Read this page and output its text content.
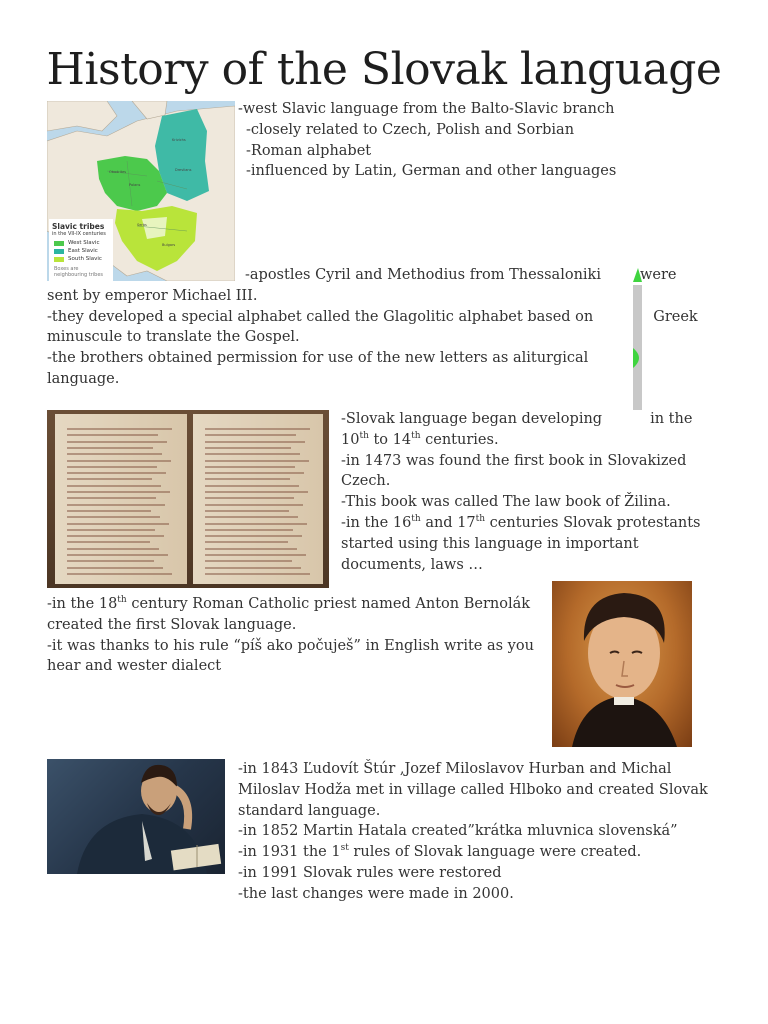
History of the Slovak language
Obodrites
Polans
Krivichs
Drevlians
Serbs
Bulgars
Slavic tribes
in the VII-IX centuries
West Slavic
East Slavic
South Slavic
Boxes are neighbouring tribes

-west Slavic language from the Balto-Slavic branch

-closely related to Czech, Polish and Sorbian

-Roman alphabet

-influenced by Latin, German and other languages

-apostles Cyril and Methodius from Thessaloniki	were

sent by emperor Michael III.

-they developed a special alphabet called the Glagolitic alphabet based on	Greek

minuscule to translate the Gospel.

-the brothers obtained permission for use of the new letters as aliturgical

language.

-Slovak language began developing	in the

10th to 14th centuries.

-in 1473 was found the first book in Slovakized

Czech.

-This book was called The law book of Žilina.

-in the 16th and 17th centuries Slovak protestants

started using this language in important

documents, laws …

-in the 18th century Roman Catholic priest named Anton Bernolák

created the first Slovak language.

-it was thanks to his rule “píš ako počuješ” in English write as you

hear and wester dialect

-in 1843 Ľudovít Štúr ,Jozef Miloslavov Hurban and Michal

Miloslav Hodža met in village called Hlboko and created Slovak

standard language.

-in 1852 Martin Hatala created”krátka mluvnica slovenská”

-in 1931 the 1st rules of Slovak language were created.

-in 1991 Slovak rules were restored

-the last changes were made in 2000.
